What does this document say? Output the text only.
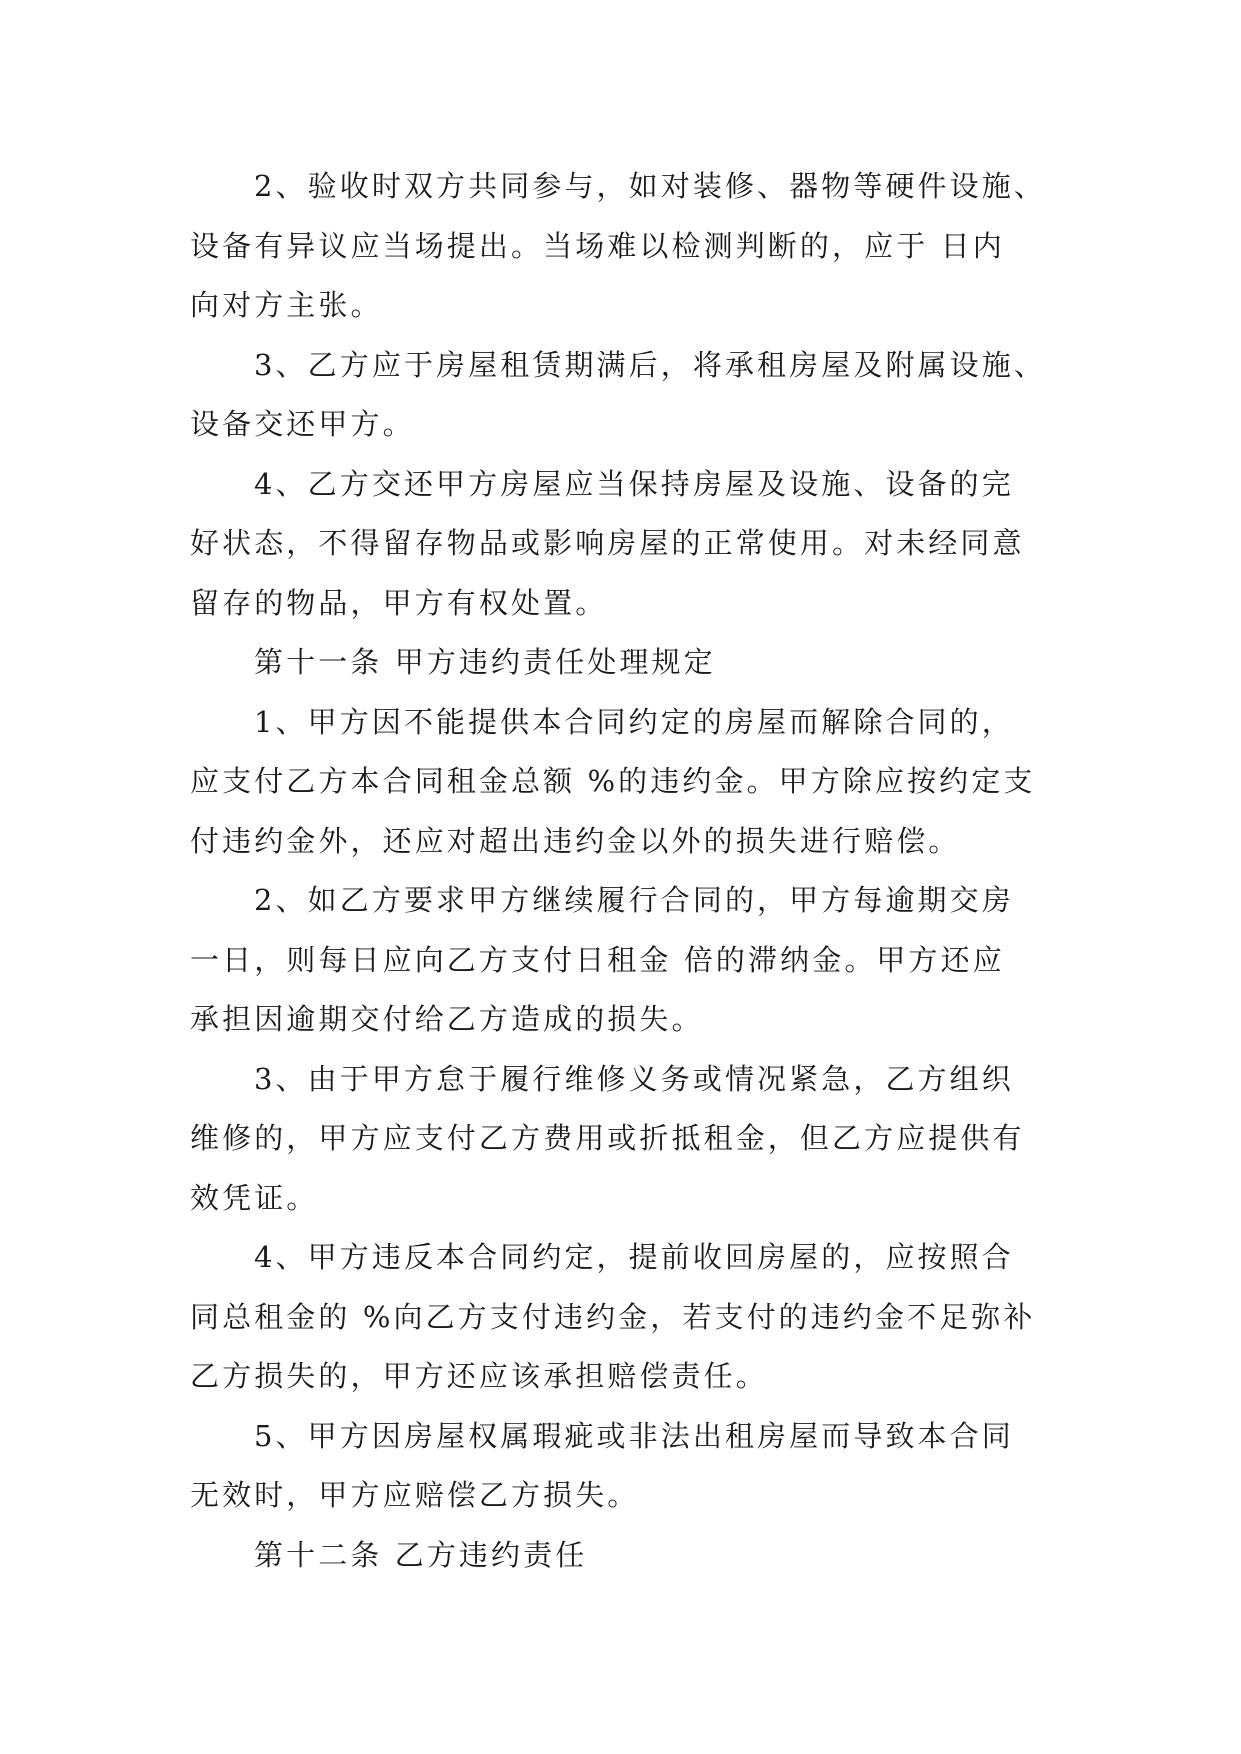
2、验收时双方共同参与，如对装修、器物等硬件设施、
设备有异议应当场提出。当场难以检测判断的，应于 日内
向对方主张。

3、乙方应于房屋租赁期满后，将承租房屋及附属设施、
设备交还甲方。

4、乙方交还甲方房屋应当保持房屋及设施、设备的完
好状态，不得留存物品或影响房屋的正常使用。对未经同意
留存的物品，甲方有权处置。

第十一条 甲方违约责任处理规定

1、甲方因不能提供本合同约定的房屋而解除合同的，
应支付乙方本合同租金总额 %的违约金。甲方除应按约定支
付违约金外，还应对超出违约金以外的损失进行赔偿。

2、如乙方要求甲方继续履行合同的，甲方每逾期交房
一日，则每日应向乙方支付日租金 倍的滞纳金。甲方还应
承担因逾期交付给乙方造成的损失。

3、由于甲方怠于履行维修义务或情况紧急，乙方组织
维修的，甲方应支付乙方费用或折抵租金，但乙方应提供有
效凭证。

4、甲方违反本合同约定，提前收回房屋的，应按照合
同总租金的 %向乙方支付违约金，若支付的违约金不足弥补
乙方损失的，甲方还应该承担赔偿责任。

5、甲方因房屋权属瑕疵或非法出租房屋而导致本合同
无效时，甲方应赔偿乙方损失。

第十二条 乙方违约责任
